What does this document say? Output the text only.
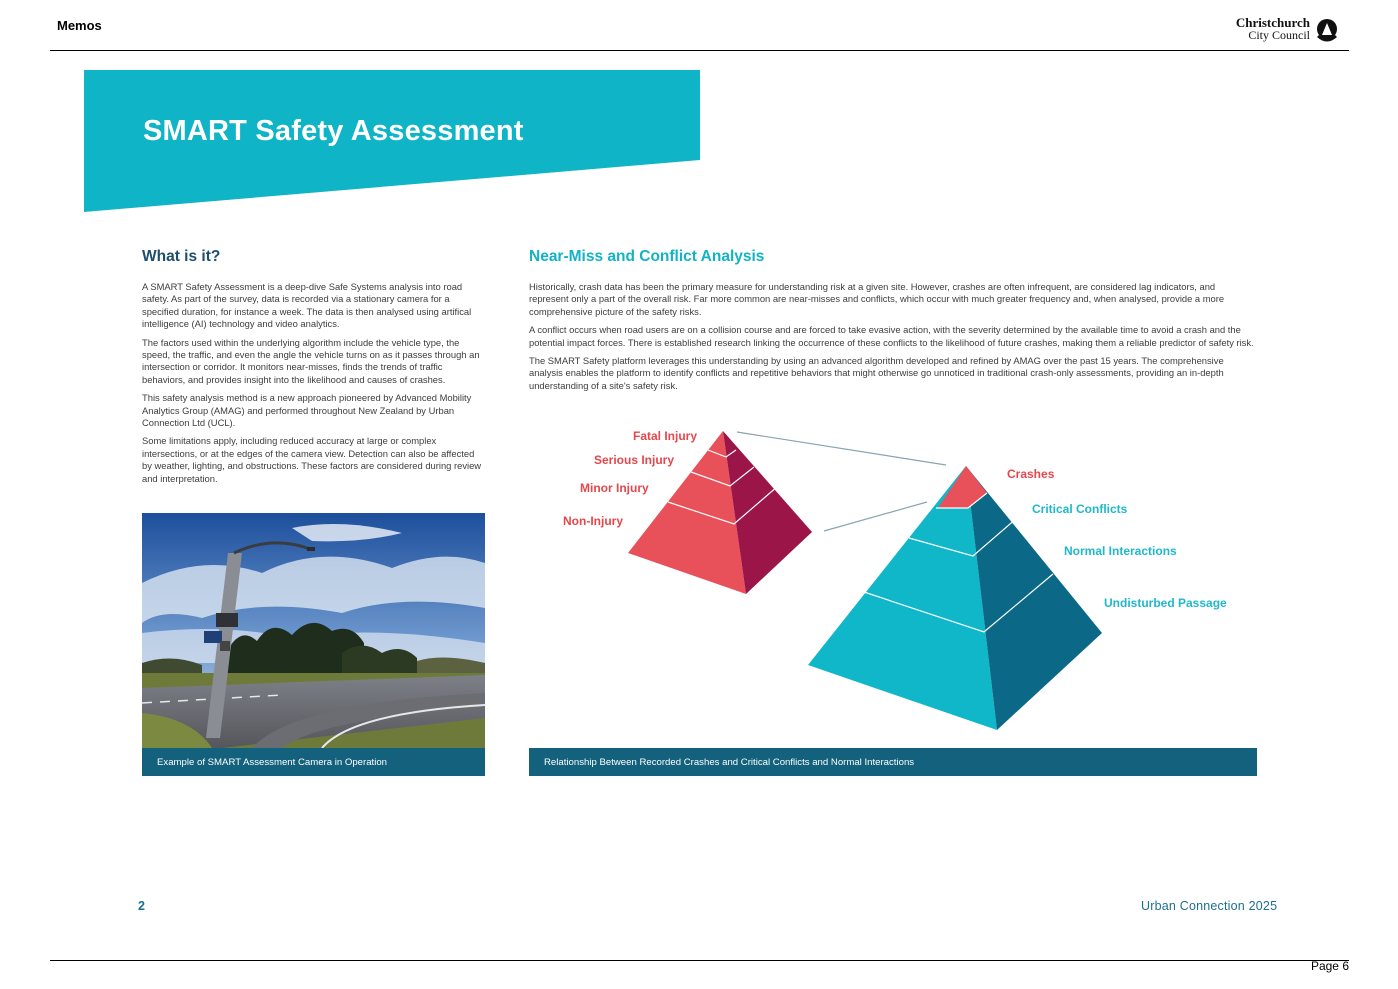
Memos	Christchurch
City Council
SMART Safety Assessment
What is it?

A SMART Safety Assessment is a deep-dive Safe Systems analysis into road safety. As part of the survey, data is recorded via a stationary camera for a specified duration, for instance a week. The data is then analysed using artifical intelligence (AI) technology and video analytics.

The factors used within the underlying algorithm include the vehicle type, the speed, the traffic, and even the angle the vehicle turns on as it passes through an intersection or corridor. It monitors near-misses, finds the trends of traffic behaviors, and provides insight into the likelihood and causes of crashes.

This safety analysis method is a new approach pioneered by Advanced Mobility Analytics Group (AMAG) and performed throughout New Zealand by Urban Connection Ltd (UCL).

Some limitations apply, including reduced accuracy at large or complex intersections, or at the edges of the camera view. Detection can also be affected by weather, lighting, and obstructions. These factors are considered during review and interpretation.

Example of SMART Assessment Camera in Operation
Near-Miss and Conflict Analysis

Historically, crash data has been the primary measure for understanding risk at a given site. However, crashes are often infrequent, are considered lag indicators, and represent only a part of the overall risk. Far more common are near-misses and conflicts, which occur with much greater frequency and, when analysed, provide a more comprehensive picture of the safety risks.

A conflict occurs when road users are on a collision course and are forced to take evasive action, with the severity determined by the available time to avoid a crash and the potential impact forces. There is established research linking the occurrence of these conflicts to the likelihood of future crashes, making them a reliable predictor of safety risk.

The SMART Safety platform leverages this understanding by using an advanced algorithm developed and refined by AMAG over the past 15 years. The comprehensive analysis enables the platform to identify conflicts and repetitive behaviors that might otherwise go unnoticed in traditional crash-only assessments, providing an in-depth understanding of a site's safety risk.

Fatal Injury
Serious Injury
Minor Injury
Non-Injury
Crashes
Critical Conflicts
Normal Interactions
Undisturbed Passage
Relationship Between Recorded Crashes and Critical Conflicts and Normal Interactions
2	Urban Connection 2025
Page 6
